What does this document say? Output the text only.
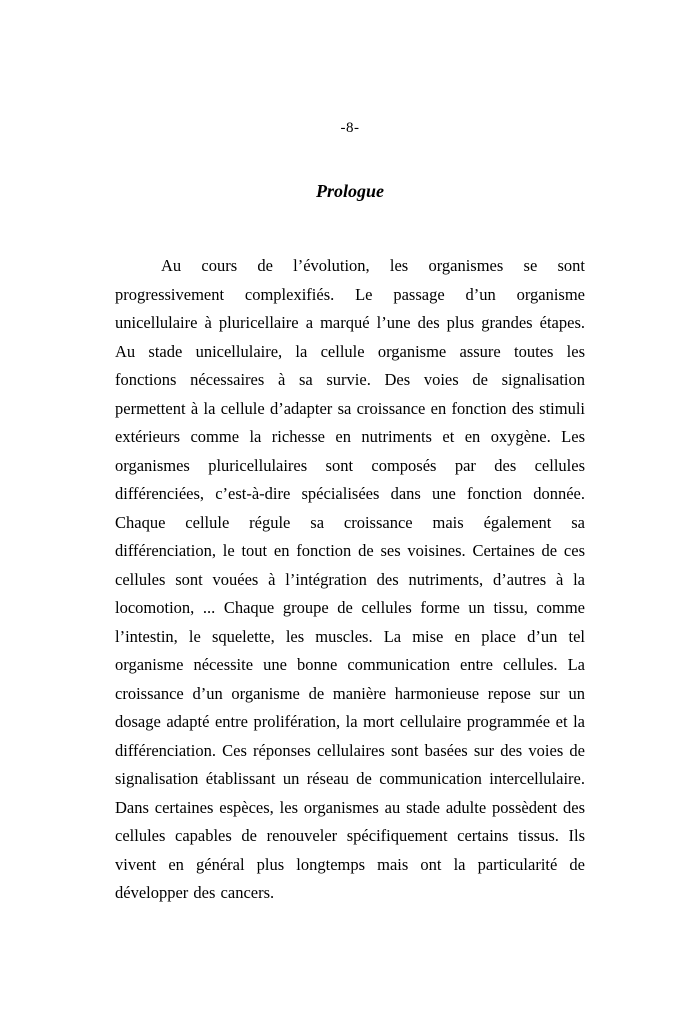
-8-
Prologue

Au cours de l’évolution, les organismes se sont progressivement complexifiés. Le passage d’un organisme unicellulaire à pluricellaire a marqué l’une des plus grandes étapes. Au stade unicellulaire, la cellule organisme assure toutes les fonctions nécessaires à sa survie. Des voies de signalisation permettent à la cellule d’adapter sa croissance en fonction des stimuli extérieurs comme la richesse en nutriments et en oxygène. Les organismes pluricellulaires sont composés par des cellules différenciées, c’est-à-dire spécialisées dans une fonction donnée. Chaque cellule régule sa croissance mais également sa différenciation, le tout en fonction de ses voisines. Certaines de ces cellules sont vouées à l’intégration des nutriments, d’autres à la locomotion, ... Chaque groupe de cellules forme un tissu, comme l’intestin, le squelette, les muscles. La mise en place d’un tel organisme nécessite une bonne communication entre cellules. La croissance d’un organisme de manière harmonieuse repose sur un dosage adapté entre prolifération, la mort cellulaire programmée et la différenciation. Ces réponses cellulaires sont basées sur des voies de signalisation établissant un réseau de communication intercellulaire. Dans certaines espèces, les organismes au stade adulte possèdent des cellules capables de renouveler spécifiquement certains tissus. Ils vivent en général plus longtemps mais ont la particularité de développer des cancers.
